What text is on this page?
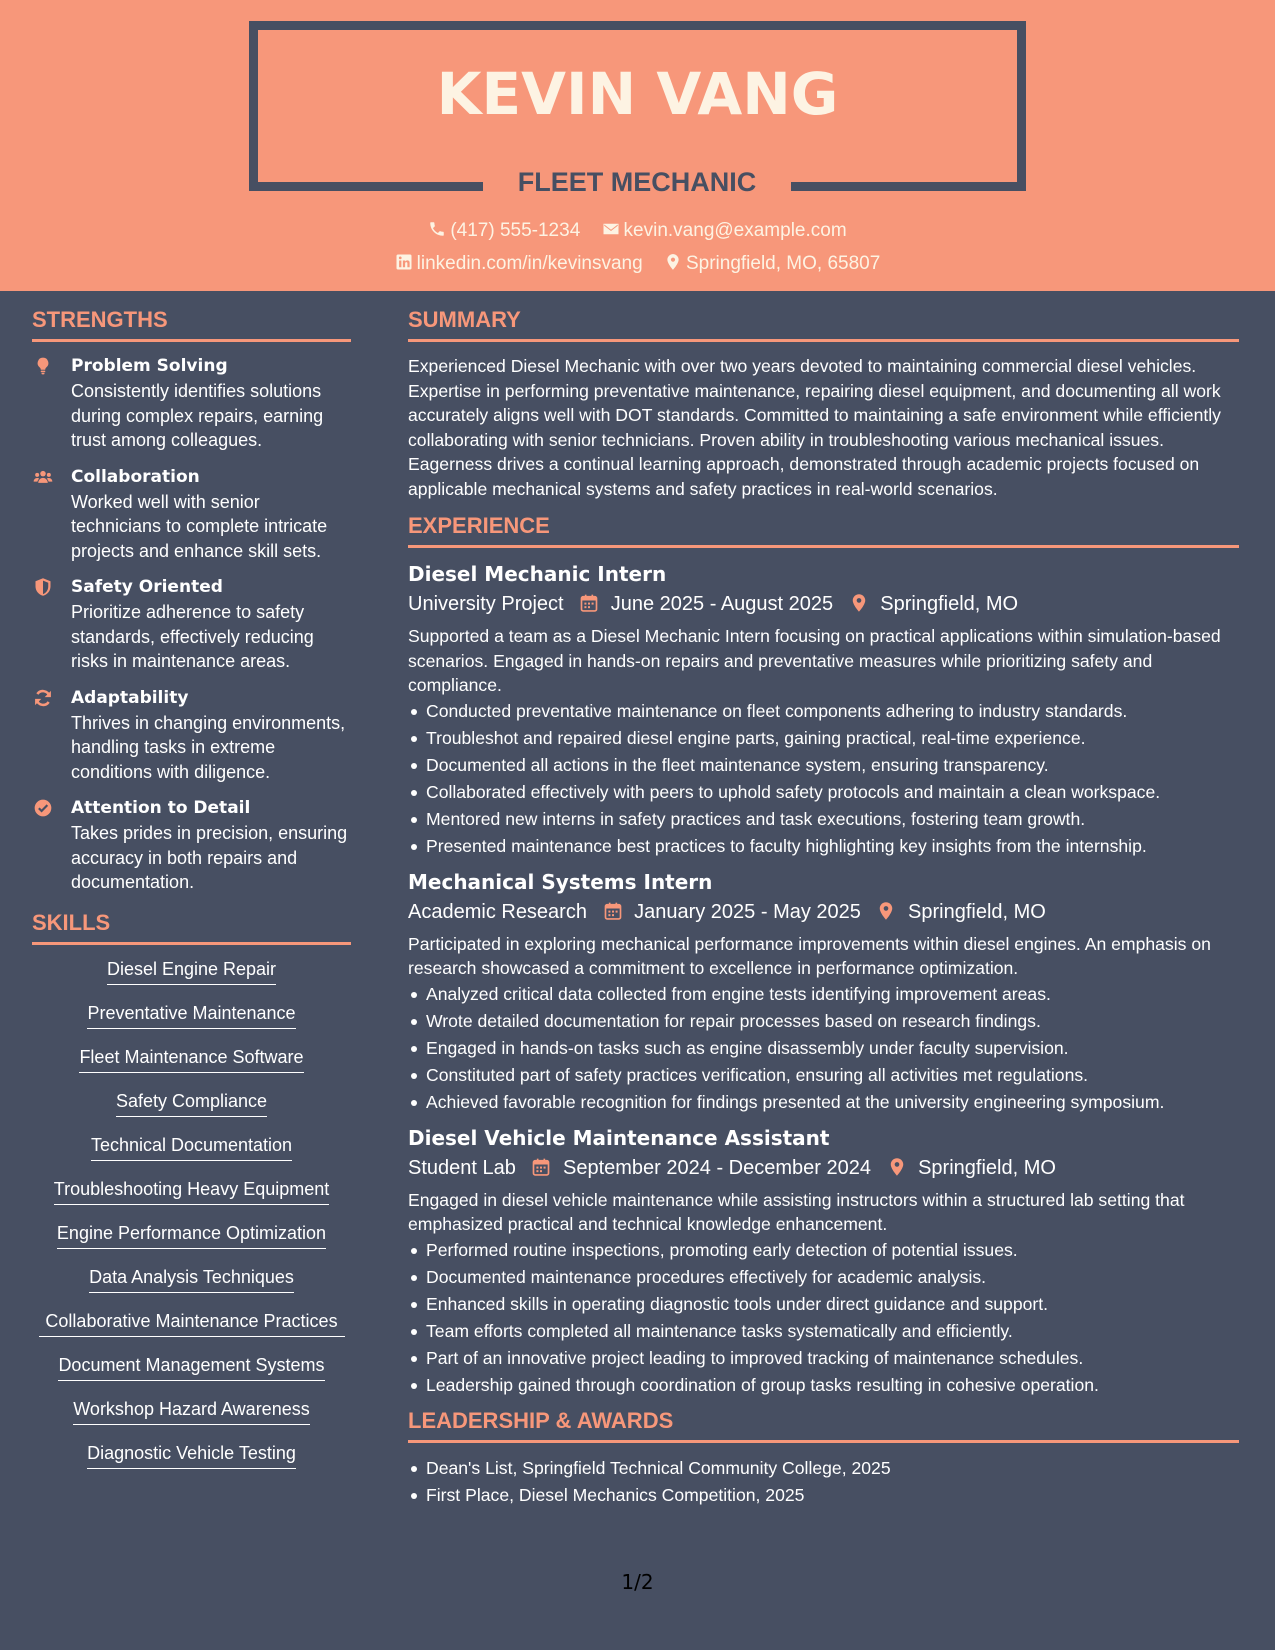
KEVIN VANG
FLEET MECHANIC
(417) 555-1234 kevin.vang@example.com
linkedin.com/in/kevinsvang Springfield, MO, 65807
STRENGTHS
Problem Solving
Consistently identifies solutions during complex repairs, earning trust among colleagues.
Collaboration
Worked well with senior technicians to complete intricate projects and enhance skill sets.
Safety Oriented
Prioritize adherence to safety standards, effectively reducing risks in maintenance areas.
Adaptability
Thrives in changing environments, handling tasks in extreme conditions with diligence.
Attention to Detail
Takes prides in precision, ensuring accuracy in both repairs and documentation.
SKILLS
Diesel Engine Repair
Preventative Maintenance
Fleet Maintenance Software
Safety Compliance
Technical Documentation
Troubleshooting Heavy Equipment
Engine Performance Optimization
Data Analysis Techniques
Collaborative Maintenance Practices
Document Management Systems
Workshop Hazard Awareness
Diagnostic Vehicle Testing
SUMMARY
Experienced Diesel Mechanic with over two years devoted to maintaining commercial diesel vehicles. Expertise in performing preventative maintenance, repairing diesel equipment, and documenting all work accurately aligns well with DOT standards. Committed to maintaining a safe environment while efficiently collaborating with senior technicians. Proven ability in troubleshooting various mechanical issues. Eagerness drives a continual learning approach, demonstrated through academic projects focused on applicable mechanical systems and safety practices in real-world scenarios.
EXPERIENCE
Diesel Mechanic Intern
University Project June 2025 - August 2025 Springfield, MO
Supported a team as a Diesel Mechanic Intern focusing on practical applications within simulation-based scenarios. Engaged in hands-on repairs and preventative measures while prioritizing safety and compliance.
Conducted preventative maintenance on fleet components adhering to industry standards.
Troubleshot and repaired diesel engine parts, gaining practical, real-time experience.
Documented all actions in the fleet maintenance system, ensuring transparency.
Collaborated effectively with peers to uphold safety protocols and maintain a clean workspace.
Mentored new interns in safety practices and task executions, fostering team growth.
Presented maintenance best practices to faculty highlighting key insights from the internship.
Mechanical Systems Intern
Academic Research January 2025 - May 2025 Springfield, MO
Participated in exploring mechanical performance improvements within diesel engines. An emphasis on research showcased a commitment to excellence in performance optimization.
Analyzed critical data collected from engine tests identifying improvement areas.
Wrote detailed documentation for repair processes based on research findings.
Engaged in hands-on tasks such as engine disassembly under faculty supervision.
Constituted part of safety practices verification, ensuring all activities met regulations.
Achieved favorable recognition for findings presented at the university engineering symposium.
Diesel Vehicle Maintenance Assistant
Student Lab September 2024 - December 2024 Springfield, MO
Engaged in diesel vehicle maintenance while assisting instructors within a structured lab setting that emphasized practical and technical knowledge enhancement.
Performed routine inspections, promoting early detection of potential issues.
Documented maintenance procedures effectively for academic analysis.
Enhanced skills in operating diagnostic tools under direct guidance and support.
Team efforts completed all maintenance tasks systematically and efficiently.
Part of an innovative project leading to improved tracking of maintenance schedules.
Leadership gained through coordination of group tasks resulting in cohesive operation.
LEADERSHIP & AWARDS
Dean's List, Springfield Technical Community College, 2025
First Place, Diesel Mechanics Competition, 2025
1/2
